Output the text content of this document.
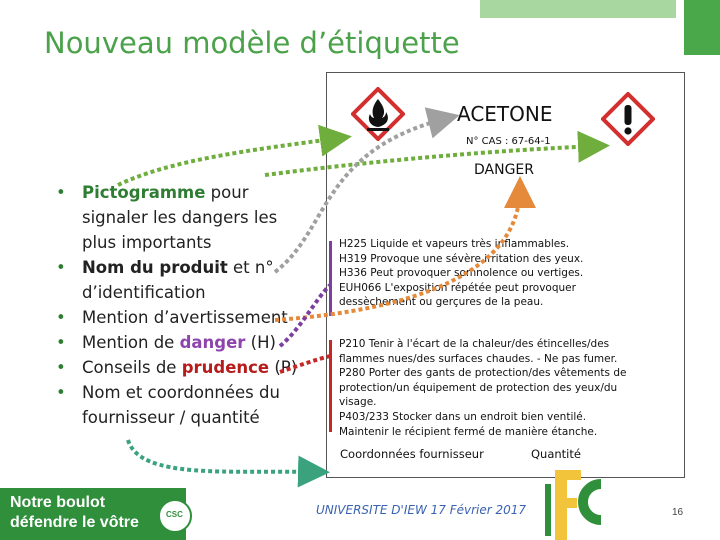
Nouveau modèle d’étiquette
• Pictogramme pour signaler les dangers les plus importants
• Nom du produit et n° d’identification
• Mention d’avertissement
• Mention de danger (H)
• Conseils de prudence (P)
• Nom et coordonnées du fournisseur / quantité
ACETONE
N° CAS : 67-64-1
DANGER
H225 Liquide et vapeurs très inflammables.
H319 Provoque une sévère irritation des yeux.
H336 Peut provoquer somnolence ou vertiges.
EUH066 L'exposition répétée peut provoquer
dessèchement ou gerçures de la peau.
P210 Tenir à l'écart de la chaleur/des étincelles/des
flammes nues/des surfaces chaudes. - Ne pas fumer.
P280 Porter des gants de protection/des vêtements de
protection/un équipement de protection des yeux/du
visage.
P403/233 Stocker dans un endroit bien ventilé.
Maintenir le récipient fermé de manière étanche.
Coordonnées fournisseur	Quantité
UNIVERSITE D'IEW 17 Février 2017	16
Notre boulot
défendre le vôtre	CSC
